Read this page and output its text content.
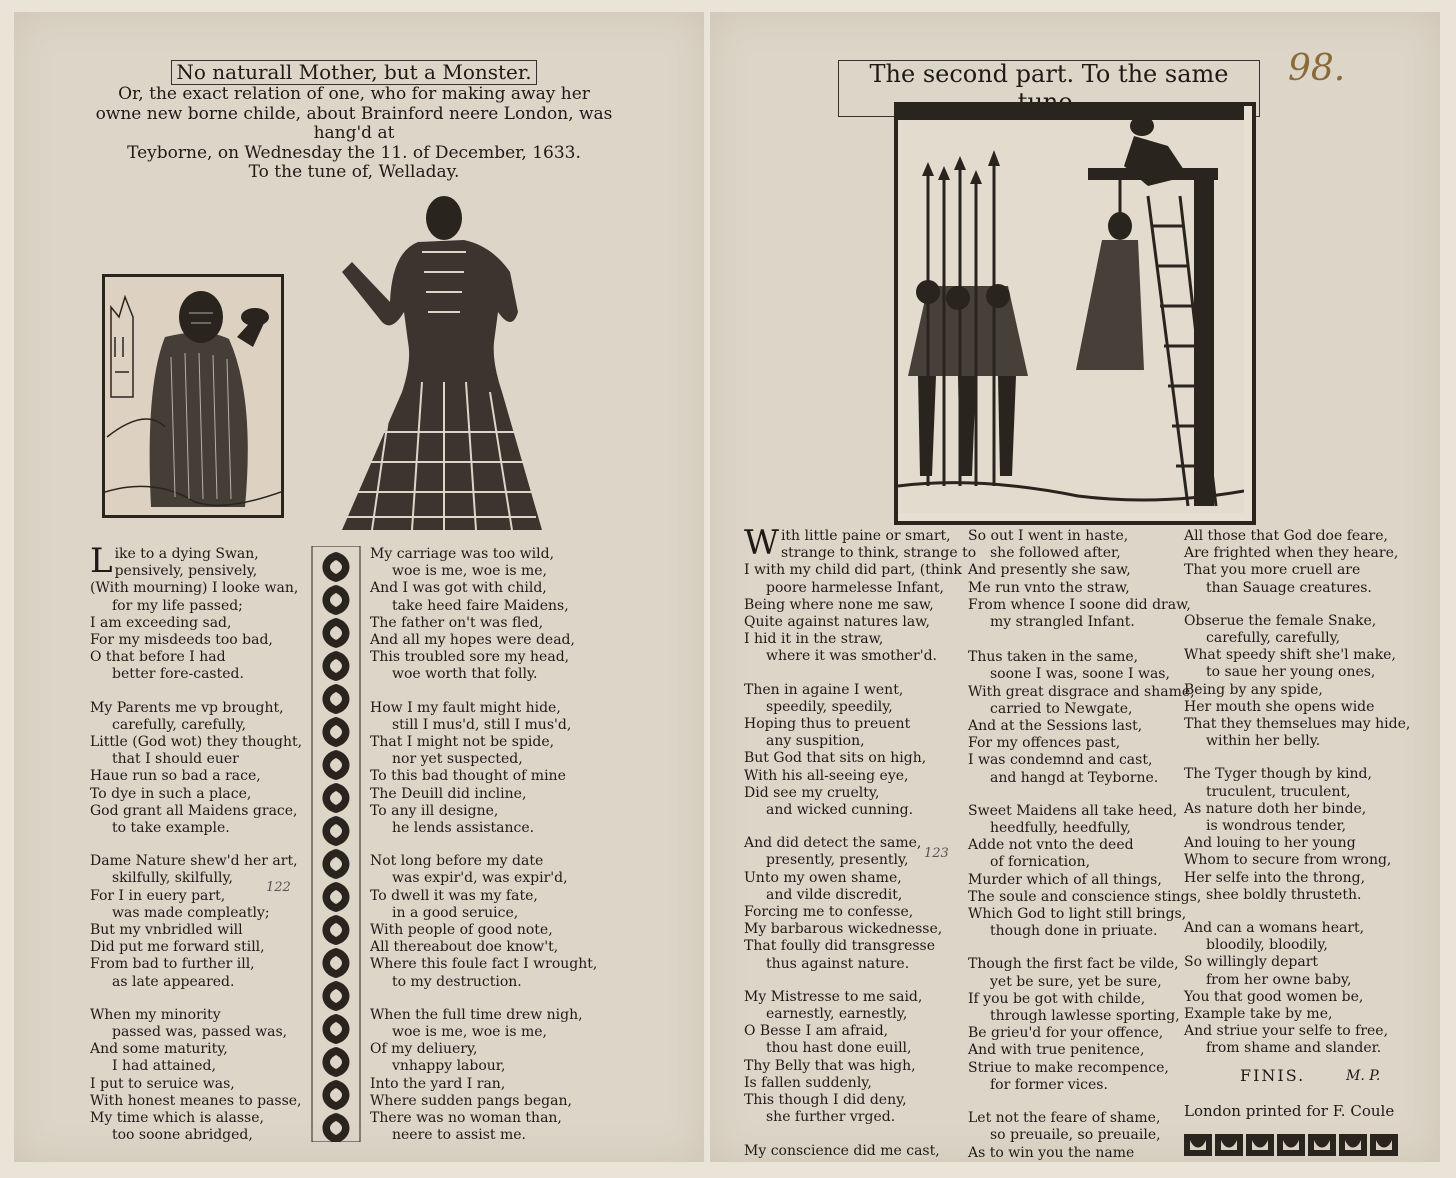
No naturall Mother, but a Monster.
Or, the exact relation of one, who for making away her
owne new borne childe, about Brainford neere London, was hang'd at
Teyborne, on Wednesday the 11. of December, 1633.
To the tune of, Welladay.
122
L ike to a dying Swan,
pensively, pensively,
(With mourning) I looke wan,
for my life passed;
I am exceeding sad,
For my misdeeds too bad,
O that before I had
better fore-casted.
My Parents me vp brought,
carefully, carefully,
Little (God wot) they thought,
that I should euer
Haue run so bad a race,
To dye in such a place,
God grant all Maidens grace,
to take example.
Dame Nature shew'd her art,
skilfully, skilfully,
For I in euery part,
was made compleatly;
But my vnbridled will
Did put me forward still,
From bad to further ill,
as late appeared.
When my minority
passed was, passed was,
And some maturity,
I had attained,
I put to seruice was,
With honest meanes to passe,
My time which is alasse,
too soone abridged,
My carriage was too wild,
woe is me, woe is me,
And I was got with child,
take heed faire Maidens,
The father on't was fled,
And all my hopes were dead,
This troubled sore my head,
woe worth that folly.
How I my fault might hide,
still I mus'd, still I mus'd,
That I might not be spide,
nor yet suspected,
To this bad thought of mine
The Deuill did incline,
To any ill designe,
he lends assistance.
Not long before my date
was expir'd, was expir'd,
To dwell it was my fate,
in a good seruice,
With people of good note,
All thereabout doe know't,
Where this foule fact I wrought,
to my destruction.
When the full time drew nigh,
woe is me, woe is me,
Of my deliuery,
vnhappy labour,
Into the yard I ran,
Where sudden pangs began,
There was no woman than,
neere to assist me.
The second part. To the same	98.
123
W ith little paine or smart,
strange to think, strange to
I with my child did part, (think
poore harmelesse Infant,
Being where none me saw,
Quite against natures law,
I hid it in the straw,
where it was smother'd.
Then in againe I went,
speedily, speedily,
Hoping thus to preuent
any suspition,
But God that sits on high,
With his all-seeing eye,
Did see my cruelty,
and wicked cunning.
And did detect the same,
presently, presently,
Unto my owen shame,
and vilde discredit,
Forcing me to confesse,
My barbarous wickednesse,
That foully did transgresse
thus against nature.
My Mistresse to me said,
earnestly, earnestly,
O Besse I am afraid,
thou hast done euill,
Thy Belly that was high,
Is fallen suddenly,
This though I did deny,
she further vrged.
My conscience did me cast,
So out I went in haste,
she followed after,
And presently she saw,
Me run vnto the straw,
From whence I soone did draw,
my strangled Infant.
Thus taken in the same,
soone I was, soone I was,
With great disgrace and shame,
carried to Newgate,
And at the Sessions last,
For my offences past,
I was condemnd and cast,
and hangd at Teyborne.
Sweet Maidens all take heed,
heedfully, heedfully,
Adde not vnto the deed
of fornication,
Murder which of all things,
The soule and conscience stings,
Which God to light still brings,
though done in priuate.
Though the first fact be vilde,
yet be sure, yet be sure,
If you be got with childe,
through lawlesse sporting,
Be grieu'd for your offence,
And with true penitence,
Striue to make recompence,
for former vices.
Let not the feare of shame,
so preuaile, so preuaile,
As to win you the name
All those that God doe feare,
Are frighted when they heare,
That you more cruell are
than Sauage creatures.
Obserue the female Snake,
carefully, carefully,
What speedy shift she'l make,
to saue her young ones,
Being by any spide,
Her mouth she opens wide
That they themselues may hide,
within her belly.
The Tyger though by kind,
truculent, truculent,
As nature doth her binde,
is wondrous tender,
And louing to her young
Whom to secure from wrong,
Her selfe into the throng,
shee boldly thrusteth.
And can a womans heart,
bloodily, bloodily,
So willingly depart
from her owne baby,
You that good women be,
Example take by me,
And striue your selfe to free,
from shame and slander.
FINIS.	M. P.
London printed for F. Coule
